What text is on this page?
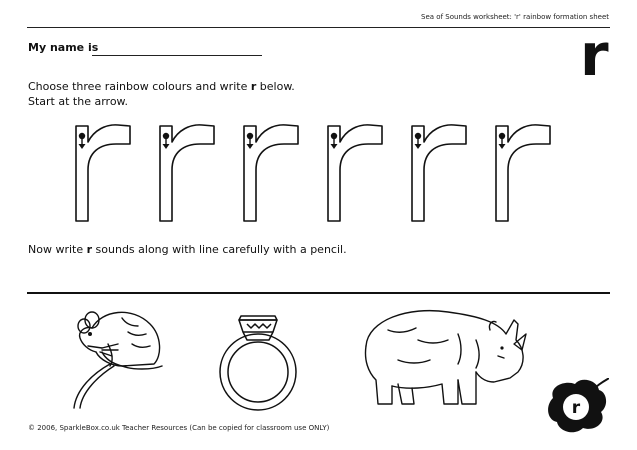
Sea of Sounds worksheet: 'r' rainbow formation sheet
My name is	r
Choose three rainbow colours and write r below.
Start at the arrow.
Now write r sounds along with line carefully with a pencil.
© 2006, SparkleBox.co.uk Teacher Resources (Can be copied for classroom use ONLY)
r
